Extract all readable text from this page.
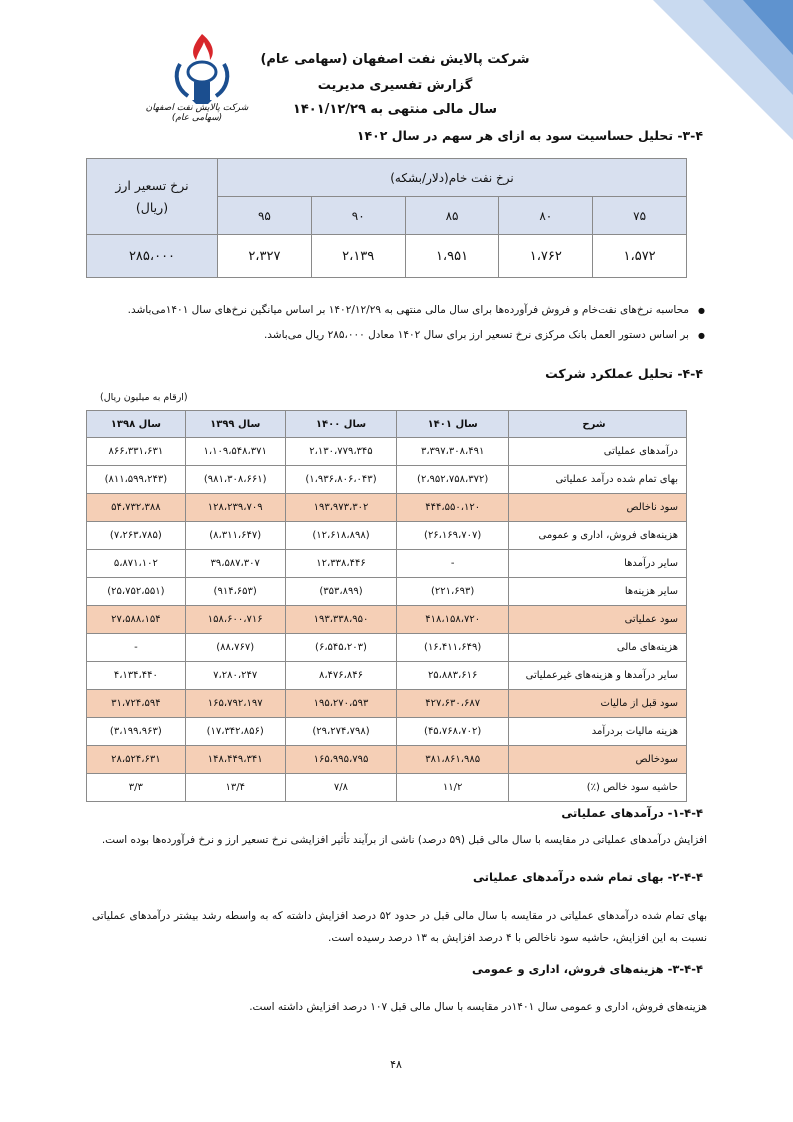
شرکت پالایش نفت اصفهان (سهامی عام)
شرکت پالایش نفت اصفهان (سهامی عام)
گزارش تفسیری مدیریت
سال مالی منتهی به ۱۴۰۱/۱۲/۲۹
۳-۴- تحلیل حساسیت سود به ازای هر سهم در سال ۱۴۰۲
نرخ نفت خام(دلار/بشکه)					نرخ تسعیر ارز
(ریال)

۷۵	۸۰	۸۵	۹۰	۹۵	
۱،۵۷۲	۱،۷۶۲	۱،۹۵۱	۲،۱۳۹	۲،۳۲۷	۲۸۵،۰۰۰
● محاسبه نرخ‌های نفت‌خام و فروش فرآورده‌ها برای سال مالی منتهی به ۱۴۰۲/۱۲/۲۹ بر اساس میانگین نرخ‌های سال ۱۴۰۱می‌باشد.
● بر اساس دستور العمل بانک مرکزی نرخ تسعیر ارز برای سال ۱۴۰۲ معادل ۲۸۵،۰۰۰ ریال می‌باشد.
۴-۴- تحلیل عملکرد شرکت
(ارقام به میلیون ریال)
شرح	سال ۱۴۰۱	سال ۱۴۰۰	سال ۱۳۹۹	سال ۱۳۹۸
درآمدهای عملیاتی	۳،۳۹۷،۳۰۸،۴۹۱	۲،۱۳۰،۷۷۹،۳۴۵	۱،۱۰۹،۵۴۸،۳۷۱	۸۶۶،۳۳۱،۶۳۱
بهای تمام شده درآمد عملیاتی	(۲،۹۵۲،۷۵۸،۳۷۲)	(۱،۹۳۶،۸۰۶،۰۴۳)	(۹۸۱،۳۰۸،۶۶۱)	(۸۱۱،۵۹۹،۲۴۳)
سود ناخالص	۴۴۴،۵۵۰،۱۲۰	۱۹۳،۹۷۳،۳۰۲	۱۲۸،۲۳۹،۷۰۹	۵۴،۷۳۲،۳۸۸
هزینه‌های فروش، اداری و عمومی	(۲۶،۱۶۹،۷۰۷)	(۱۲،۶۱۸،۸۹۸)	(۸،۳۱۱،۶۴۷)	(۷،۲۶۳،۷۸۵)
سایر درآمدها	-	۱۲،۳۳۸،۴۴۶	۳۹،۵۸۷،۳۰۷	۵،۸۷۱،۱۰۲
سایر هزینه‌ها	(۲۲۱،۶۹۳)	(۳۵۳،۸۹۹)	(۹۱۴،۶۵۳)	(۲۵،۷۵۲،۵۵۱)
سود عملیاتی	۴۱۸،۱۵۸،۷۲۰	۱۹۳،۳۳۸،۹۵۰	۱۵۸،۶۰۰،۷۱۶	۲۷،۵۸۸،۱۵۴
هزینه‌های مالی	(۱۶،۴۱۱،۶۴۹)	(۶،۵۴۵،۲۰۳)	(۸۸،۷۶۷)	-
سایر درآمدها و هزینه‌های غیرعملیاتی	۲۵،۸۸۳،۶۱۶	۸،۴۷۶،۸۴۶	۷،۲۸۰،۲۴۷	۴،۱۳۴،۴۴۰
سود قبل از مالیات	۴۲۷،۶۳۰،۶۸۷	۱۹۵،۲۷۰،۵۹۳	۱۶۵،۷۹۲،۱۹۷	۳۱،۷۲۴،۵۹۴
هزینه مالیات بردرآمد	(۴۵،۷۶۸،۷۰۲)	(۲۹،۲۷۴،۷۹۸)	(۱۷،۳۴۲،۸۵۶)	(۳،۱۹۹،۹۶۳)
سودخالص	۳۸۱،۸۶۱،۹۸۵	۱۶۵،۹۹۵،۷۹۵	۱۴۸،۴۴۹،۳۴۱	۲۸،۵۲۴،۶۳۱
حاشیه سود خالص (٪)	۱۱/۲	۷/۸	۱۳/۴	۳/۳
۱-۴-۴- درآمدهای عملیاتی
افزایش درآمدهای عملیاتی در مقایسه با سال مالی قبل (۵۹ درصد) ناشی از برآیند تأثیر افزایشی نرخ تسعیر ارز و نرخ فرآورده‌ها بوده است.
۲-۴-۴- بهای تمام شده درآمدهای عملیاتی
بهای تمام شده درآمدهای عملیاتی در مقایسه با سال مالی قبل در حدود ۵۲ درصد افزایش داشته که به واسطه رشد بیشتر درآمدهای عملیاتی نسبت به این افزایش، حاشیه سود ناخالص با ۴ درصد افزایش به ۱۳ درصد رسیده است.
۳-۴-۴- هزینه‌های فروش، اداری و عمومی
هزینه‌های فروش، اداری و عمومی سال ۱۴۰۱در مقایسه با سال مالی قبل ۱۰۷ درصد افزایش داشته است.
۴۸
